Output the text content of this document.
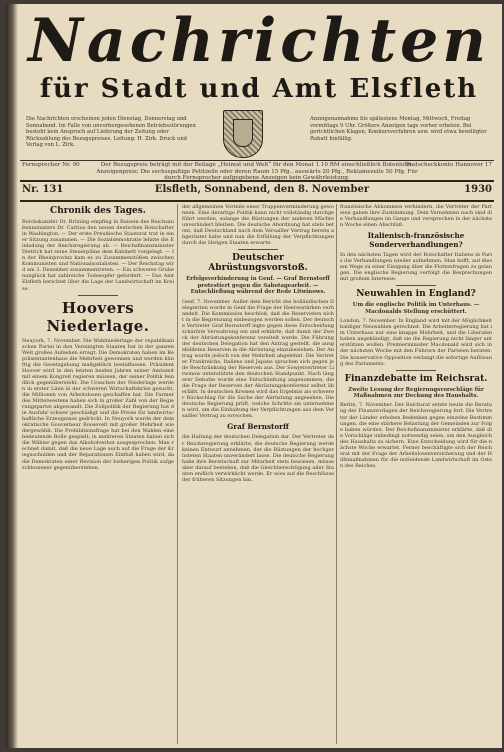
Nachrichten
für Stadt und Amt Elsfleth
Die Nachrichten erscheinen jeden Dienstag, Donnerstag und Sonnabend. Im Falle von unvorhergesehenen Betriebsstörungen besteht kein Anspruch auf Lieferung der Zeitung oder Rückzahlung des Bezugspreises. Leitung: H. Zirk. Druck und Verlag von L. Zirk.
Anzeigenannahme bis spätestens Montag, Mittwoch, Freitag vormittags 9 Uhr. Größere Anzeigen tags vorher erbeten. Bei gerichtlichen Klagen, Konkursverfahren usw. wird etwa bewilligter Rabatt hinfällig.
Fernsprecher Nr. 90	Der Bezugspreis beträgt mit der Beilage „Heimat und Welt“ für den Monat 1.10 RM einschließlich Botenlohn. Anzeigenpreis: Die sechsspaltige Petitzeile oder deren Raum 15 Pfg., auswärts 20 Pfg., Reklamezeile 50 Pfg. Für durch Fernsprecher aufgegebene Anzeigen kein Gewährleistung.
Postscheckkonto Hannover 17
Nr. 131	Elsfleth, Sonnabend, den 8. November	1930
Chronik des Tages.
Reichskanzler Dr. Brüning empfing in Beisein des Reichsaußenministers Dr. Curtius den neuen deutschen Botschafter in Washington. — Der erste Preußische Staatsrat trat in einer Sitzung zusammen. — Die Sozialdemokratie lehnte die Einladung der Reichsregierung ab. — Reichsfinanzminister Dietrich hat seine Steuerpläne dem Kabinett vorgelegt. — In der Rheinprovinz kam es zu Zusammenstößen zwischen Kommunisten und Nationalsozialisten. — Der Reichstag wird am 3. Dezember zusammentreten. — Ein schweres Grubenunglück hat zahlreiche Todesopfer gefordert. — Das Amt Elsfleth berichtet über die Lage der Landwirtschaft im Kreise.
Hoovers Niederlage.
Neuyork, 7. November. Die Wahlniederlage der republikanischen Partei in den Vereinigten Staaten hat in der ganzen Welt großes Aufsehen erregt. Die Demokraten haben im Repräsentantenhaus die Mehrheit gewonnen und werden künftig die Gesetzgebung maßgeblich beeinflussen. Präsident Hoover wird in den letzten beiden Jahren seiner Amtszeit mit einem Kongreß regieren müssen, der seiner Politik feindlich gegenübersteht. Die Ursachen der Niederlage werden in erster Linie in der schweren Wirtschaftskrise gesucht, die Millionen von Arbeitslosen geschaffen hat. Die Farmer des Mittelwestens haben sich in großer Zahl von der Regierungspartei abgewandt. Die Zollpolitik der Regierung hat die Ausfuhr schwer geschädigt und die Preise für landwirtschaftliche Erzeugnisse gedrückt. In Neuyork wurde der demokratische Gouverneur Roosevelt mit großer Mehrheit wiedergewählt. Die Prohibitionsfrage hat bei den Wahlen eine bedeutende Rolle gespielt; in mehreren Staaten haben sich die Wähler gegen das Alkoholverbot ausgesprochen. Man rechnet damit, daß die neue Lage auch auf die Frage der Kriegsschulden und der Reparationen Einfluß haben wird, da die Demokraten einer Revision der bisherigen Politik aufgeschlossener gegenüberstehen.
der allgemeinen Vorteile einer Truppenverminderung gewonnen. Eine derartige Politik kann nicht vollständig durchgeführt werden, solange die Rüstungen der anderen Mächte unverändert bleiben. Die deutsche Abordnung hat stets betont, daß Deutschland nach dem Versailler Vertrag bereits abgerüstet habe und nun die Erfüllung der Verpflichtungen durch die übrigen Staaten erwarte.
Deutscher Abrüstungsvorstoß.
Erfolgsverhinderung in Genf. — Graf Bernstorff protestiert gegen die Sabotagearbeit. — Entschließung während der Rede Litwinows.
Genf, 7. November. Außer dem Bericht des holländischen Delegierten wurde in Genf die Frage der Heeresstärken verhandelt. Die Kommission beschloß, daß die Reservisten nicht in die Begrenzung einbezogen werden sollen. Der deutsche Vertreter Graf Bernstorff legte gegen diese Entscheidung schärfste Verwahrung ein und erklärte, daß damit der Zweck der Abrüstungskonferenz vereitelt werde. Die Führung der deutschen Delegation hat den Antrag gestellt, die ausgebildeten Reserven in die Abrüstung einzubeziehen. Der Antrag wurde jedoch von der Mehrheit abgelehnt. Die Vertreter Frankreichs, Italiens und Japans sprachen sich gegen jede Beschränkung der Reserven aus. Der Sowjetvertreter Litwinow unterstützte den deutschen Standpunkt. Nach längerer Debatte wurde eine Entschließung angenommen, die die Frage der Reserven der Abrüstungskonferenz selbst überläßt. In deutschen Kreisen wird das Ergebnis als schwerer Rückschlag für die Sache der Abrüstung angesehen. Die deutsche Regierung prüft, welche Schritte sie unternehmen wird, um die Einhaltung der Verpflichtungen aus dem Versailler Vertrag zu erreichen.
Graf Bernstorff
die Haltung der deutschen Delegation dar. Der Vertreter der Reichsregierung erklärte, die deutsche Regierung werde keinen Entwurf annehmen, der die Rüstungen der hochgerüsteten Staaten unverändert lasse. Die deutsche Regierung habe ihre Bereitschaft zur Mitarbeit stets bewiesen, müsse aber darauf bestehen, daß die Gleichberechtigung aller Staaten endlich verwirklicht werde. Er wies auf die Beschlüsse der früheren Sitzungen hin.
französische Abkommen verhindern, die Vertreter der Parteien gaben ihre Zustimmung. Dem Vernehmen nach sind die Verhandlungen im Gange und versprechen in der nächsten Woche einen Abschluß.
Italienisch-französische Sonderverhandlungen?
In den nächsten Tagen wird der Botschafter Italiens in Paris die Verhandlungen wieder aufnehmen. Man hofft, auf diesem Wege zu einer Einigung über die Flottenfragen zu gelangen. Die englische Regierung verfolgt die Besprechungen mit großem Interesse.
Neuwahlen in England?
Um die englische Politik im Unterhaus. — Macdonalds Stellung erschüttert.
London, 7. November. In England wird mit der Möglichkeit baldiger Neuwahlen gerechnet. Die Arbeiterregierung hat im Unterhaus nur eine knappe Mehrheit, und die Liberalen haben angekündigt, daß sie die Regierung nicht länger unterstützen wollen. Premierminister Macdonald wird sich in der nächsten Woche mit den Führern der Parteien beraten. Die konservative Opposition verlangt die sofortige Auflösung des Parlaments.
Finanzdebatte im Reichsrat.
Zweite Lesung der Regierungsvorschläge für Maßnahmen zur Deckung des Haushalts.
Berlin, 7. November. Der Reichsrat setzte heute die Beratung der Finanzvorlagen der Reichsregierung fort. Die Vertreter der Länder erhoben Bedenken gegen einzelne Bestimmungen, die eine stärkere Belastung der Gemeinden zur Folge haben würden. Der Reichsfinanzminister erklärte, daß die Vorschläge unbedingt notwendig seien, um den Ausgleich des Haushalts zu sichern. Eine Entscheidung wird für die nächste Woche erwartet. Ferner beschäftigte sich der Reichsrat mit der Frage der Arbeitslosenversicherung und der Hilfsmaßnahmen für die notleidende Landwirtschaft im Osten des Reiches.
